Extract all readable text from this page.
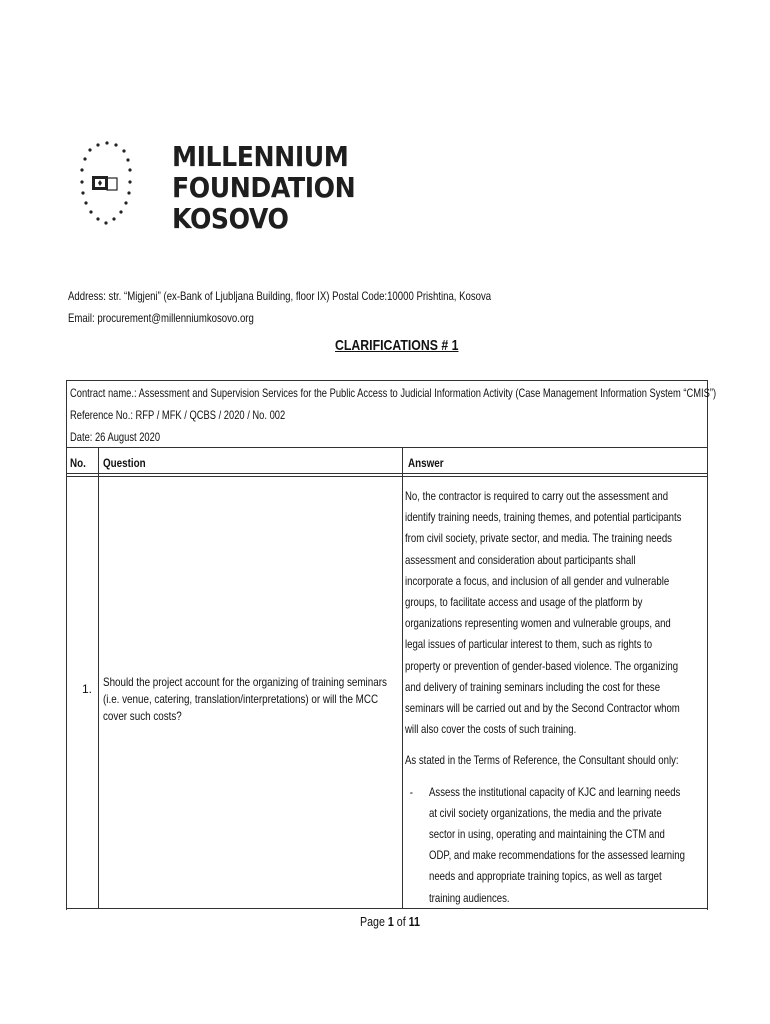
MILLENNIUM
FOUNDATION
KOSOVO
Address: str. “Migjeni” (ex-Bank of Ljubljana Building, floor IX) Postal Code:10000 Prishtina, Kosova
Email: procurement@millenniumkosovo.org
CLARIFICATIONS # 1
Contract name.: Assessment and Supervision Services for the Public Access to Judicial Information Activity (Case Management Information System “CMIS”)
Reference No.: RFP / MFK / QCBS / 2020 / No. 002
Date: 26 August 2020
No. Question	Answer
1. Should the project account for the organizing of training seminars (i.e. venue, catering, translation/interpretations) or will the MCC cover such costs?

No, the contractor is required to carry out the assessment and identify training needs, training themes, and potential participants from civil society, private sector, and media. The training needs assessment and consideration about participants shall incorporate a focus, and inclusion of all gender and vulnerable groups, to facilitate access and usage of the platform by organizations representing women and vulnerable groups, and legal issues of particular interest to them, such as rights to property or prevention of gender-based violence. The organizing and delivery of training seminars including the cost for these seminars will be carried out and by the Second Contractor whom will also cover the costs of such training.

As stated in the Terms of Reference, the Consultant should only:

-	Assess the institutional capacity of KJC and learning needs at civil society organizations, the media and the private sector in using, operating and maintaining the CTM and ODP, and make recommendations for the assessed learning needs and appropriate training topics, as well as target training audiences.
Page 1 of 11
